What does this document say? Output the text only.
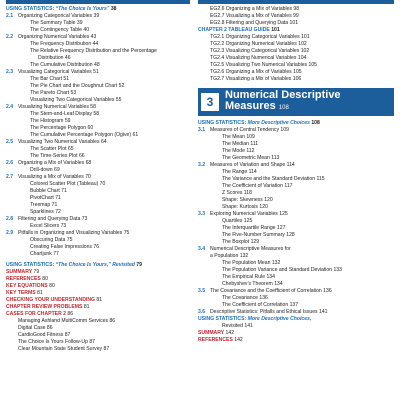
USING STATISTICS: “The Choice Is Yours” 38
2.1 Organizing Categorical Variables 39
The Summary Table 39
The Contingency Table 40
2.2 Organizing Numerical Variables 43
The Frequency Distribution 44
The Relative Frequency Distribution and the Percentage
Distribution 46
The Cumulative Distribution 48
2.3 Visualizing Categorical Variables 51
The Bar Chart 51
The Pie Chart and the Doughnut Chart 52
The Pareto Chart 53
Visualizing Two Categorical Variables 55
2.4 Visualizing Numerical Variables 58
The Stem-and-Leaf Display 58
The Histogram 59
The Percentage Polygon 60
The Cumulative Percentage Polygon (Ogive) 61
2.5 Visualizing Two Numerical Variables 64
The Scatter Plot 65
The Time-Series Plot 66
2.6 Organizing a Mix of Variables 68
Drill-down 69
2.7 Visualizing a Mix of Variables 70
Colored Scatter Plot (Tableau) 70
Bubble Chart 71
PivotChart 71
Treemap 71
Sparklines 72
2.8 Filtering and Querying Data 73
Excel Slicers 73
2.9 Pitfalls in Organizing and Visualizing Variables 75
Obscuring Data 75
Creating False Impressions 76
Chartjunk 77
USING STATISTICS: “The Choice Is Yours,” Revisited 79
SUMMARY 79
REFERENCES 80
KEY EQUATIONS 80
KEY TERMS 81
CHECKING YOUR UNDERSTANDING 81
CHAPTER REVIEW PROBLEMS 81
CASES FOR CHAPTER 2 86
Managing Ashland MultiComm Services 86
Digital Case 86
CardioGood Fitness 87
The Choice Is Yours Follow-Up 87
Clear Mountain State Student Survey 87
EG2.6 Organizing a Mix of Variables 98
EG2.7 Visualizing a Mix of Variables 99
EG2.8 Filtering and Querying Data 101
CHAPTER 2 TABLEAU GUIDE 101
TG2.1 Organizing Categorical Variables 101
TG2.2 Organizing Numerical Variables 102
TG2.3 Visualizing Categorical Variables 102
TG2.4 Visualizing Numerical Variables 104
TG2.5 Visualizing Two Numerical Variables 105
TG2.6 Organizing a Mix of Variables 105
TG2.7 Visualizing a Mix of Variables 106
3	Numerical Descriptive
Measures 108
USING STATISTICS: More Descriptive Choices 108
3.1 Measures of Central Tendency 109
The Mean 109
The Median 111
The Mode 112
The Geometric Mean 113
3.2 Measures of Variation and Shape 114
The Range 114
The Variance and the Standard Deviation 115
The Coefficient of Variation 117
Z Scores 118
Shape: Skewness 120
Shape: Kurtosis 120
3.3 Exploring Numerical Variables 125
Quartiles 125
The Interquartile Range 127
The Five-Number Summary 128
The Boxplot 129
3.4 Numerical Descriptive Measures for
a Population 132
The Population Mean 132
The Population Variance and Standard Deviation 133
The Empirical Rule 134
Chebyshev’s Theorem 134
3.5 The Covariance and the Coefficient of Correlation 136
The Covariance 136
The Coefficient of Correlation 137
3.6 Descriptive Statistics: Pitfalls and Ethical Issues 141
USING STATISTICS: More Descriptive Choices,
Revisited 141
SUMMARY 142
REFERENCES 142
